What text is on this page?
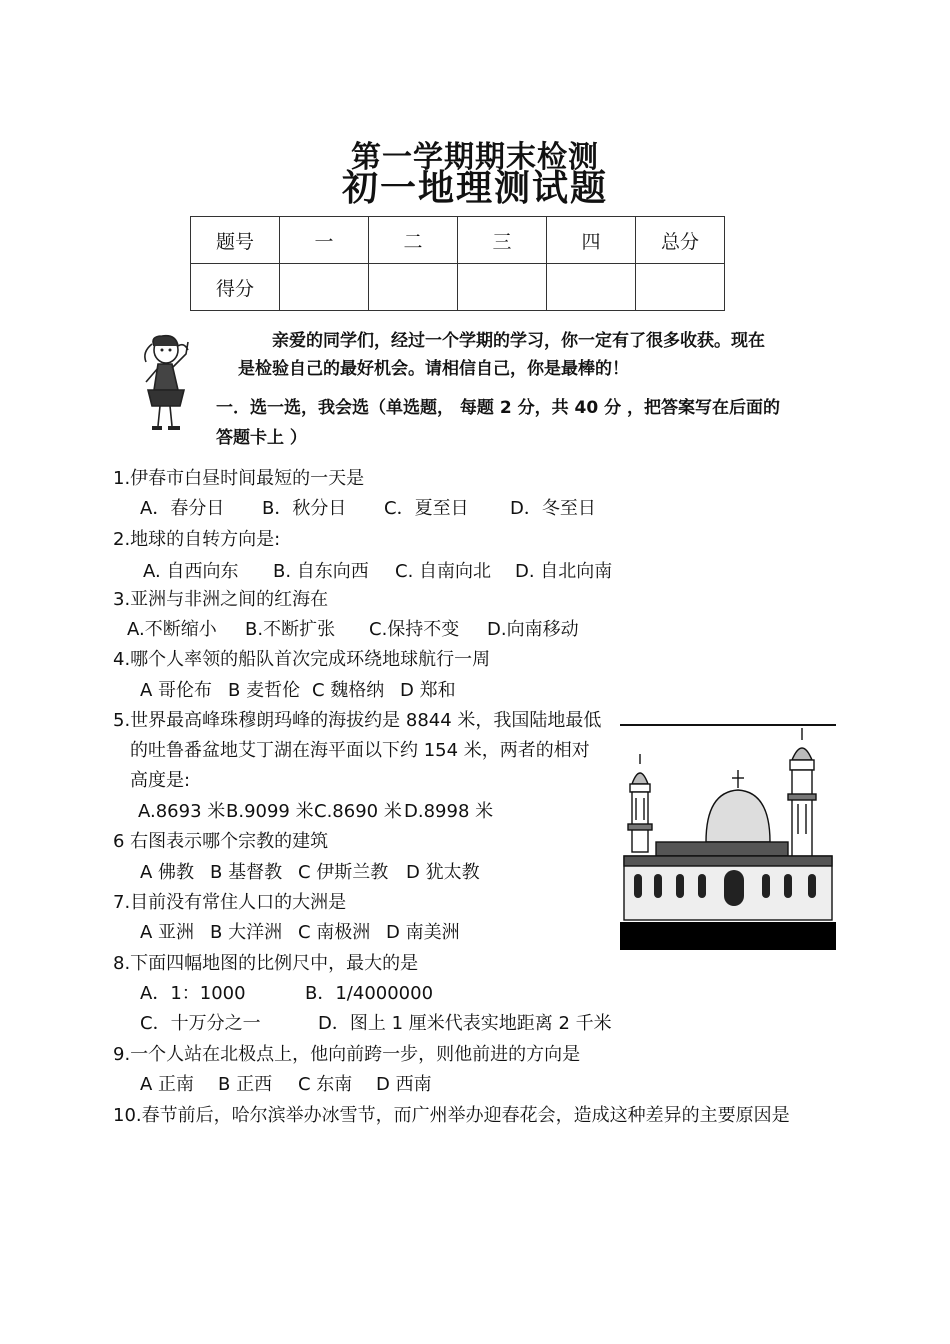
第一学期期末检测
初一地理测试题
题号	一	二	三	四	总分
得分					
亲爱的同学们，经过一个学期的学习，你一定有了很多收获。现在
是检验自己的最好机会。请相信自己，你是最棒的！
一．选一选，我会选（单选题， 每题 2 分，共 40 分 ，把答案写在后面的
答题卡上 ）
1.伊春市白昼时间最短的一天是
A．春分日 B．秋分日 C．夏至日 D．冬至日
2.地球的自转方向是:
A. 自西向东 B. 自东向西 C. 自南向北 D. 自北向南
3.亚洲与非洲之间的红海在
A.不断缩小 B.不断扩张 C.保持不变 D.向南移动
4.哪个人率领的船队首次完成环绕地球航行一周
A 哥伦布 B 麦哲伦 C 魏格纳 D 郑和
5.世界最高峰珠穆朗玛峰的海拔约是 8844 米，我国陆地最低
的吐鲁番盆地艾丁湖在海平面以下约 154 米，两者的相对
高度是:
A.8693 米B.9099 米C.8690 米 D.8998 米
6 右图表示哪个宗教的建筑
A 佛教 B 基督教 C 伊斯兰教 D 犹太教
7.目前没有常住人口的大洲是
A 亚洲 B 大洋洲 C 南极洲 D 南美洲
8.下面四幅地图的比例尺中，最大的是
A．1：1000	B．1/4000000
C．十万分之一	D．图上 1 厘米代表实地距离 2 千米
9.一个人站在北极点上，他向前跨一步，则他前进的方向是
A 正南 B 正西 C 东南 D 西南
10.春节前后，哈尔滨举办冰雪节，而广州举办迎春花会，造成这种差异的主要原因是
